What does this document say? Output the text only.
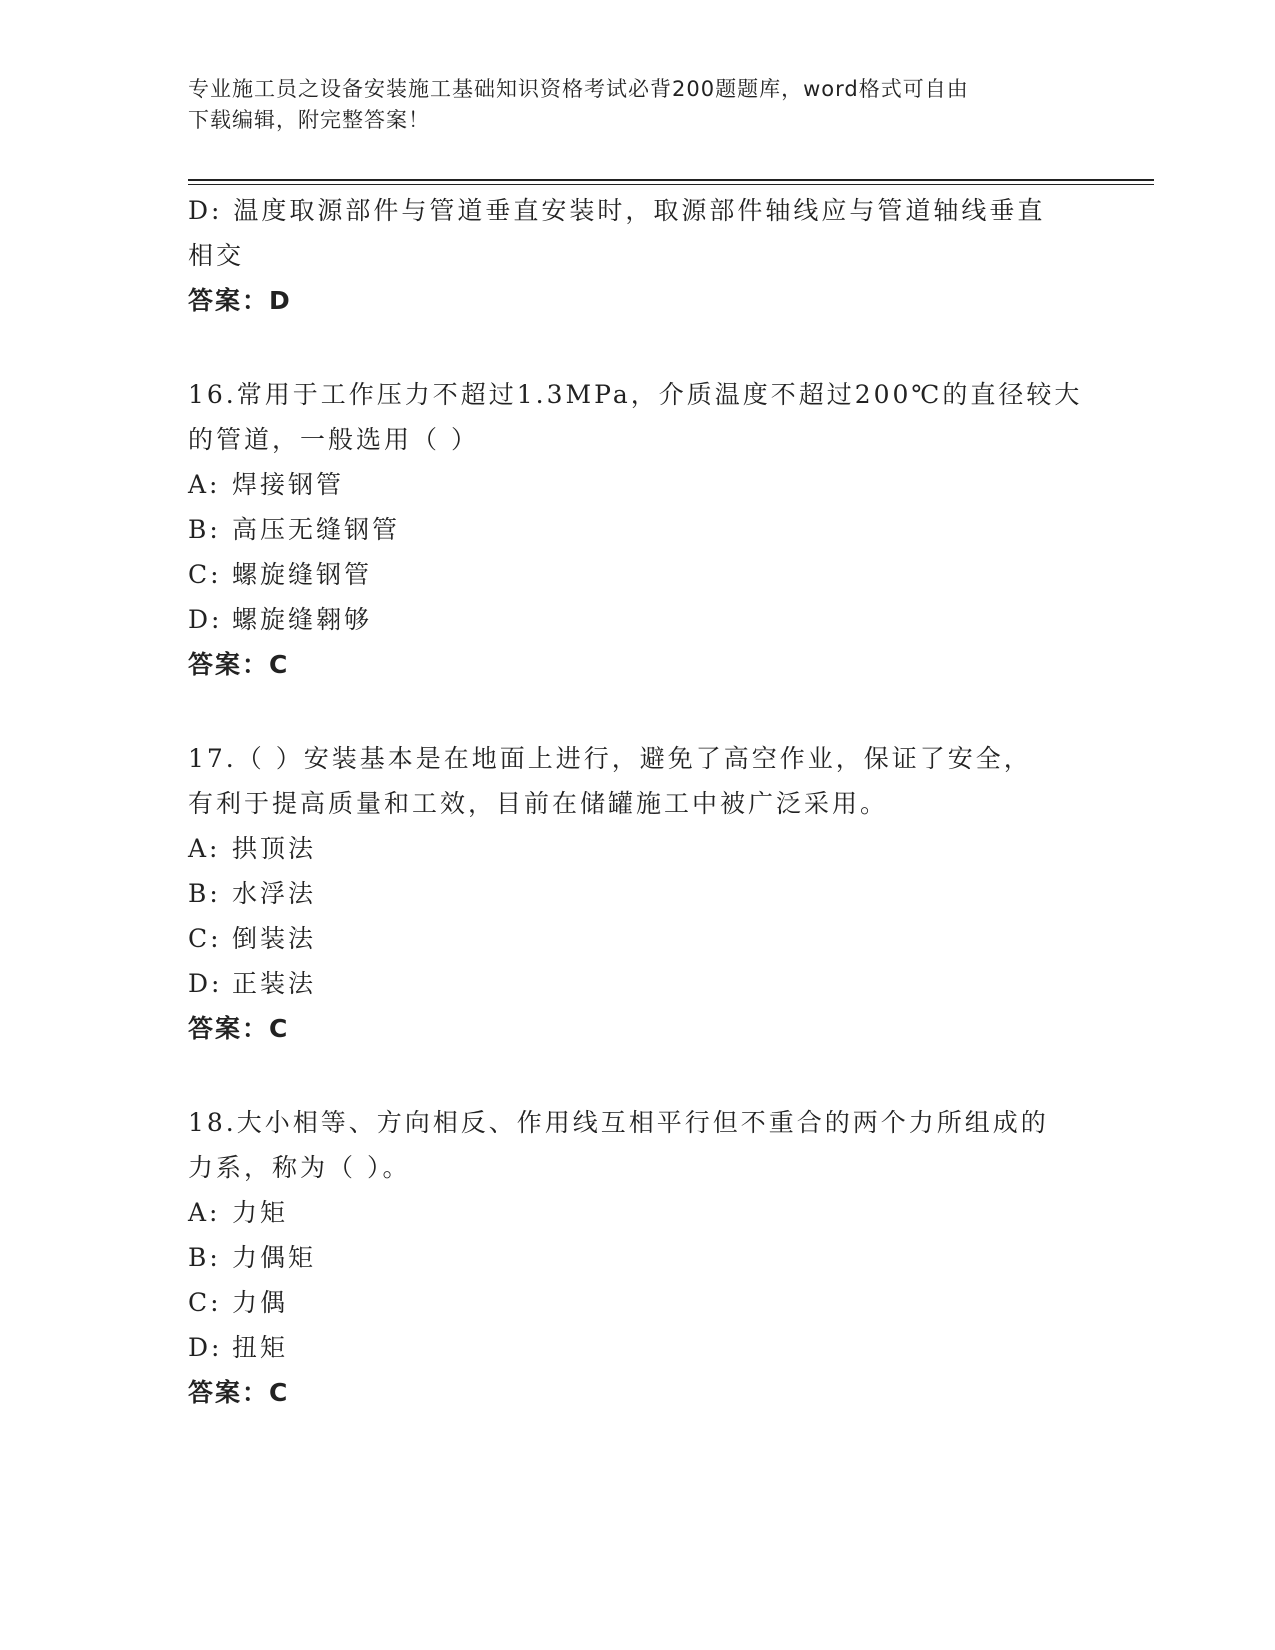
专业施工员之设备安装施工基础知识资格考试必背200题题库，word格式可自由
下载编辑，附完整答案！
D: 温度取源部件与管道垂直安装时，取源部件轴线应与管道轴线垂直
相交
答案：D
16.常用于工作压力不超过1.3MPa，介质温度不超过200℃的直径较大
的管道，一般选用（ ）
A: 焊接钢管
B: 高压无缝钢管
C: 螺旋缝钢管
D: 螺旋缝翱够
答案：C
17.（ ）安装基本是在地面上进行，避免了高空作业，保证了安全，
有利于提高质量和工效，目前在储罐施工中被广泛采用。
A: 拱顶法
B: 水浮法
C: 倒装法
D: 正装法
答案：C
18.大小相等、方向相反、作用线互相平行但不重合的两个力所组成的
力系，称为（ ）。
A: 力矩
B: 力偶矩
C: 力偶
D: 扭矩
答案：C
